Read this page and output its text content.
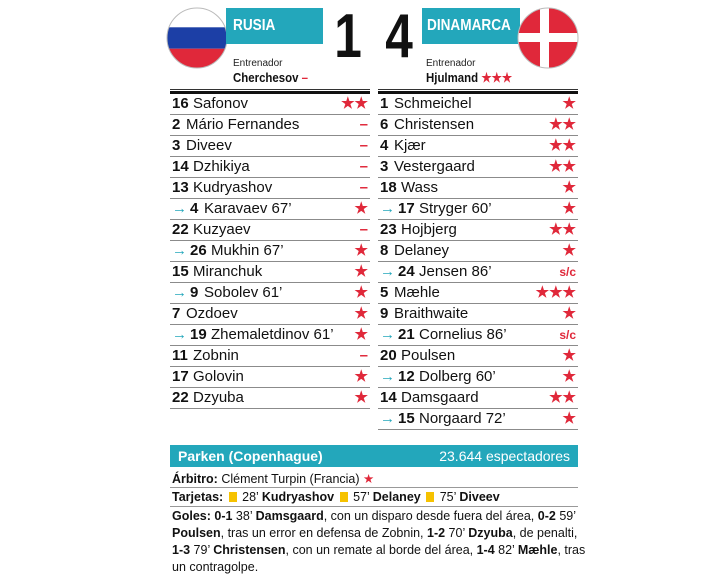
RUSIA 1
Entrenador
Cherchesov –
4 DINAMARCA
Entrenador
Hjulmand ★★★
16 Safonov	★★
2 Mário Fernandes	–
3 Diveev	–
14 Dzhikiya	–
13 Kudryashov	–
→ 4 Karavaev 67’	★
22 Kuzyaev	–
→ 26 Mukhin 67’	★
15 Miranchuk	★
→ 9 Sobolev 61’	★
7 Ozdoev	★
→ 19 Zhemaletdinov 61’ ★
11 Zobnin	–
17 Golovin	★
22 Dzyuba	★
1 Schmeichel	★
6 Christensen	★★
4 Kjær	★★
3 Vestergaard	★★
18 Wass	★
→ 17 Stryger 60’	★
23 Hojbjerg	★★
8 Delaney	★
→ 24 Jensen 86’	s/c
5 Mæhle	★★★
9 Braithwaite	★
→ 21 Cornelius 86’	s/c
20 Poulsen	★
→ 12 Dolberg 60’	★
14 Damsgaard	★★
→ 15 Norgaard 72’	★
Parken (Copenhague)	23.644 espectadores
Árbitro: Clément Turpin (Francia) ★
Tarjetas: 28’ Kudryashov 57’ Delaney 75’ Diveev
Goles: 0-1 38’ Damsgaard, con un disparo desde fuera del área, 0-2 59’
Poulsen, tras un error en defensa de Zobnin, 1-2 70’ Dzyuba, de penalti,
1-3 79’ Christensen, con un remate al borde del área, 1-4 82’ Mæhle, tras
un contragolpe.
